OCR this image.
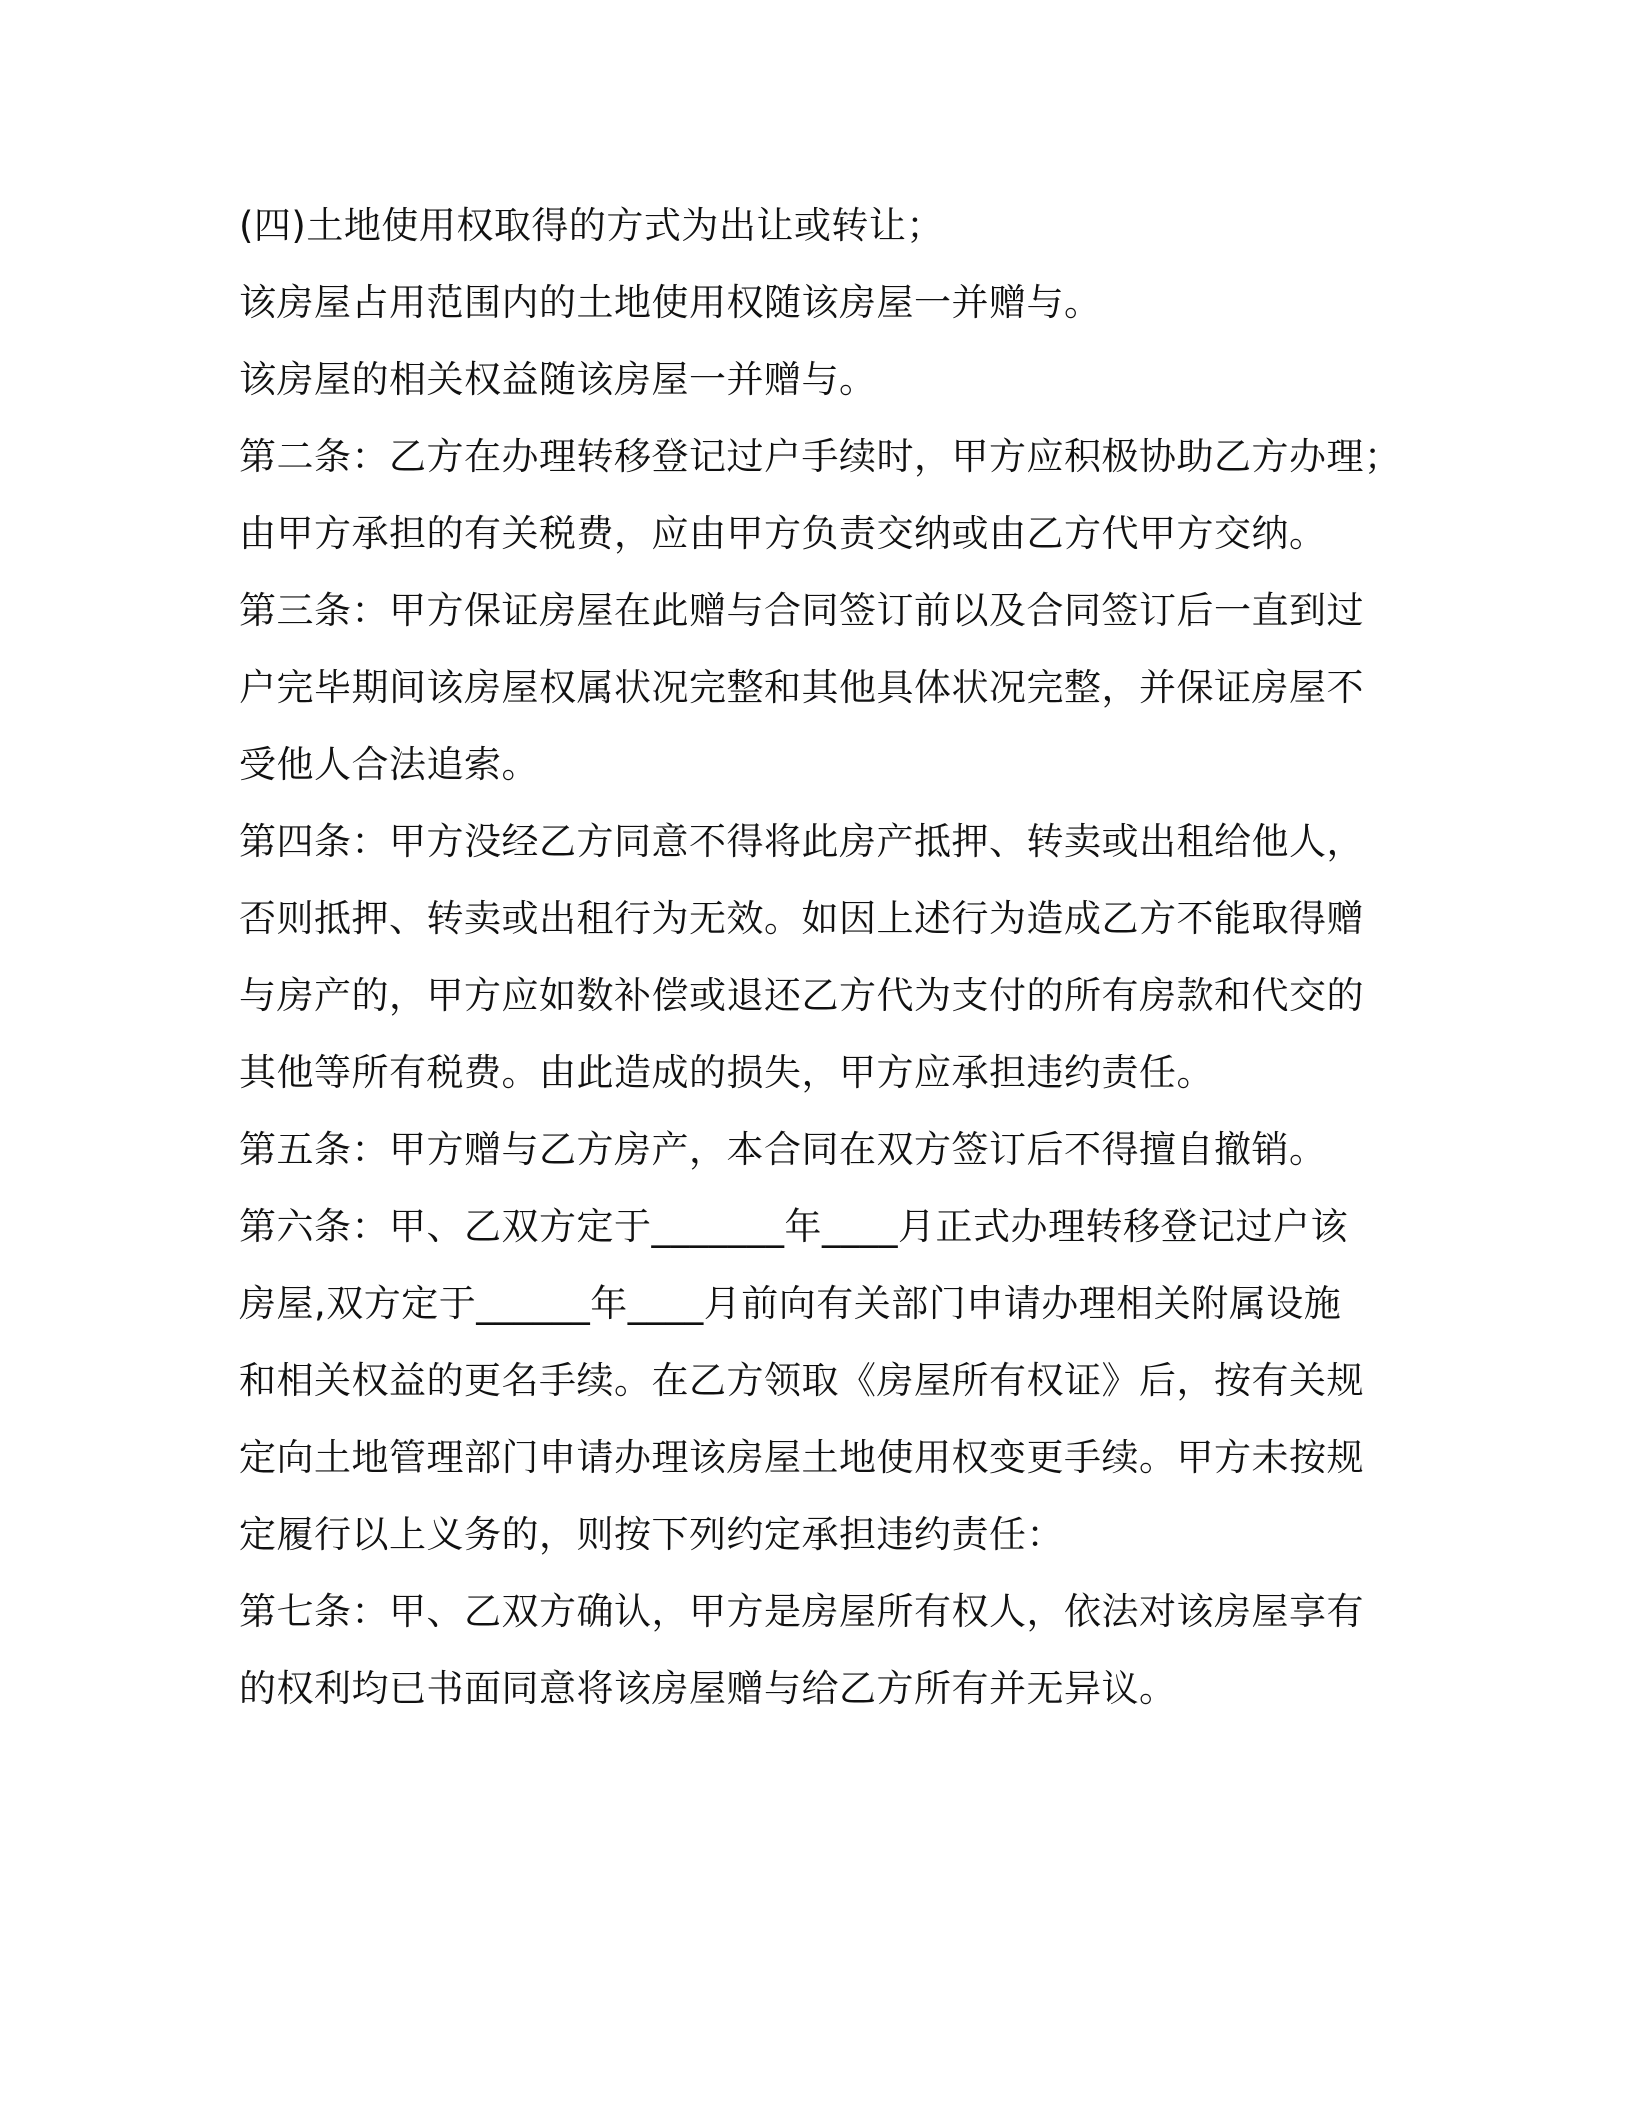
(四)土地使用权取得的方式为出让或转让；
该房屋占用范围内的土地使用权随该房屋一并赠与。
该房屋的相关权益随该房屋一并赠与。
第二条：乙方在办理转移登记过户手续时，甲方应积极协助乙方办理；
由甲方承担的有关税费，应由甲方负责交纳或由乙方代甲方交纳。
第三条：甲方保证房屋在此赠与合同签订前以及合同签订后一直到过
户完毕期间该房屋权属状况完整和其他具体状况完整，并保证房屋不
受他人合法追索。
第四条：甲方没经乙方同意不得将此房产抵押、转卖或出租给他人，
否则抵押、转卖或出租行为无效。如因上述行为造成乙方不能取得赠
与房产的，甲方应如数补偿或退还乙方代为支付的所有房款和代交的
其他等所有税费。由此造成的损失，甲方应承担违约责任。
第五条：甲方赠与乙方房产，本合同在双方签订后不得擅自撤销。
第六条：甲、乙双方定于_______年____月正式办理转移登记过户该
房屋,双方定于______年____月前向有关部门申请办理相关附属设施
和相关权益的更名手续。在乙方领取《房屋所有权证》后，按有关规
定向土地管理部门申请办理该房屋土地使用权变更手续。甲方未按规
定履行以上义务的，则按下列约定承担违约责任：
第七条：甲、乙双方确认，甲方是房屋所有权人，依法对该房屋享有
的权利均已书面同意将该房屋赠与给乙方所有并无异议。
